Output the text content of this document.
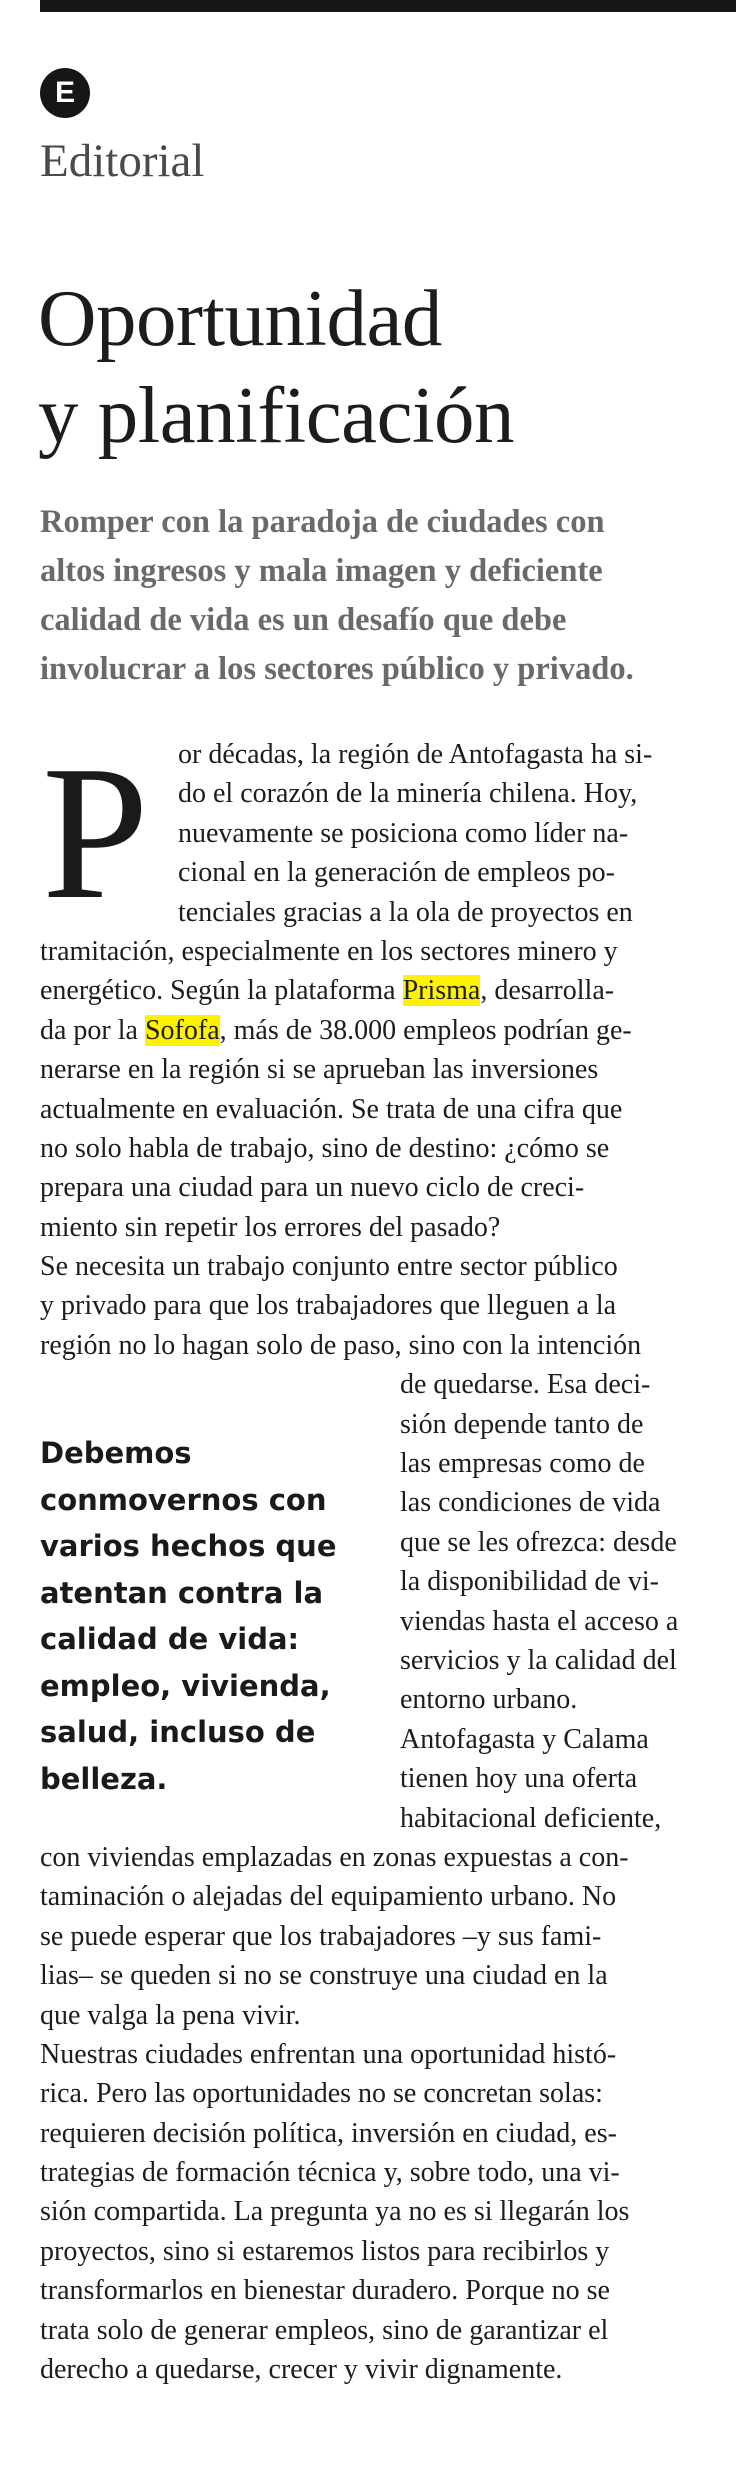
E
Editorial
Oportunidad
y planificación
Romper con la paradoja de ciudades con
altos ingresos y mala imagen y deficiente
calidad de vida es un desafío que debe
involucrar a los sectores público y privado.
P	or décadas, la región de Antofagasta ha si-
do el corazón de la minería chilena. Hoy,
nuevamente se posiciona como líder na-
cional en la generación de empleos po-
tenciales gracias a la ola de proyectos en
tramitación, especialmente en los sectores minero y
energético. Según la plataforma Prisma, desarrolla-
da por la Sofofa, más de 38.000 empleos podrían ge-
nerarse en la región si se aprueban las inversiones
actualmente en evaluación. Se trata de una cifra que
no solo habla de trabajo, sino de destino: ¿cómo se
prepara una ciudad para un nuevo ciclo de creci-
miento sin repetir los errores del pasado?
Se necesita un trabajo conjunto entre sector público
y privado para que los trabajadores que lleguen a la
región no lo hagan solo de paso, sino con la intención
de quedarse. Esa deci-
sión depende tanto de
las empresas como de
las condiciones de vida
que se les ofrezca: desde
la disponibilidad de vi-
viendas hasta el acceso a
servicios y la calidad del
entorno urbano.
Antofagasta y Calama
tienen hoy una oferta
habitacional deficiente,
con viviendas emplazadas en zonas expuestas a con-
taminación o alejadas del equipamiento urbano. No
se puede esperar que los trabajadores –y sus fami-
lias– se queden si no se construye una ciudad en la
que valga la pena vivir.
Nuestras ciudades enfrentan una oportunidad histó-
rica. Pero las oportunidades no se concretan solas:
requieren decisión política, inversión en ciudad, es-
trategias de formación técnica y, sobre todo, una vi-
sión compartida. La pregunta ya no es si llegarán los
proyectos, sino si estaremos listos para recibirlos y
transformarlos en bienestar duradero. Porque no se
trata solo de generar empleos, sino de garantizar el
derecho a quedarse, crecer y vivir dignamente.
Debemos
conmovernos con
varios hechos que
atentan contra la
calidad de vida:
empleo, vivienda,
salud, incluso de
belleza.
